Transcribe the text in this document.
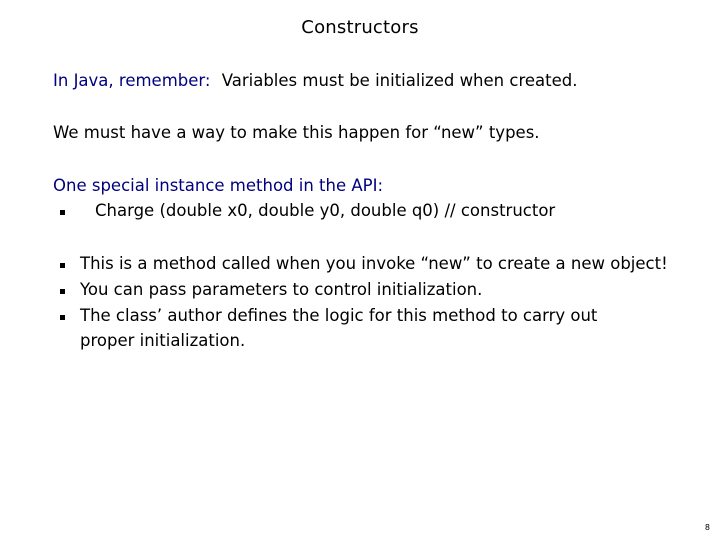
Constructors
In Java, remember: Variables must be initialized when created.
We must have a way to make this happen for “new” types.
One special instance method in the API:
Charge (double x0, double y0, double q0) // constructor
This is a method called when you invoke “new” to create a new object!
You can pass parameters to control initialization.
The class’ author defines the logic for this method to carry out
proper initialization.
8
